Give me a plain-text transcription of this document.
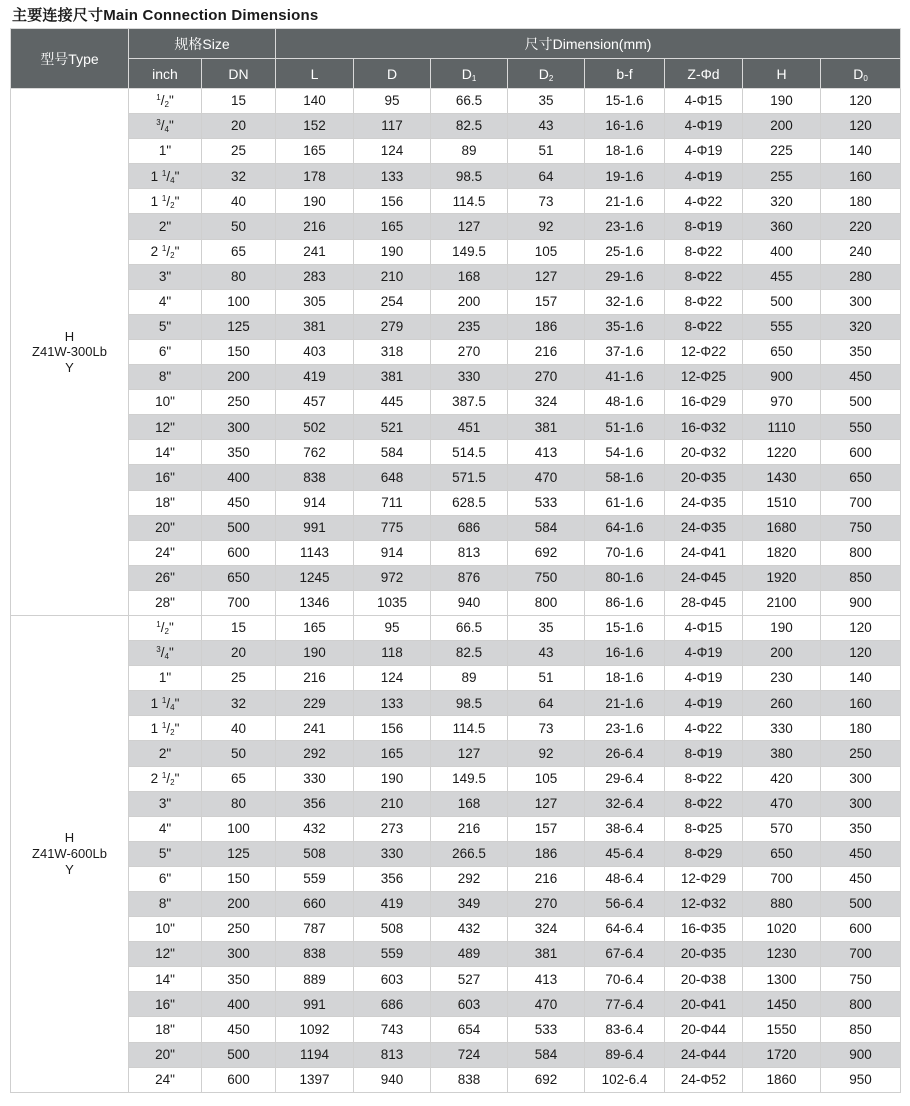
主要连接尺寸Main Connection Dimensions
型号Type	规格Size		尺寸Dimension(mm)							
	inch	DN	L	D	$D_1$	$D_2$	b-f	Z-Φd	H	$D_0$

H
Z41W-300Lb
Y	$^1/_2$"	15	140	95	66.5	35	15-1.6	4-Φ15	190	120
	$^3/_4$"	20	152	117	82.5	43	16-1.6	4-Φ19	200	120
	1"	25	165	124	89	51	18-1.6	4-Φ19	225	140
	1 $^1/_4$"	32	178	133	98.5	64	19-1.6	4-Φ19	255	160
	1 $^1/_2$"	40	190	156	114.5	73	21-1.6	4-Φ22	320	180
	2"	50	216	165	127	92	23-1.6	8-Φ19	360	220
	2 $^1/_2$"	65	241	190	149.5	105	25-1.6	8-Φ22	400	240
	3"	80	283	210	168	127	29-1.6	8-Φ22	455	280
	4"	100	305	254	200	157	32-1.6	8-Φ22	500	300
	5"	125	381	279	235	186	35-1.6	8-Φ22	555	320
	6"	150	403	318	270	216	37-1.6	12-Φ22	650	350
	8"	200	419	381	330	270	41-1.6	12-Φ25	900	450
	10"	250	457	445	387.5	324	48-1.6	16-Φ29	970	500
	12"	300	502	521	451	381	51-1.6	16-Φ32	1110	550
	14"	350	762	584	514.5	413	54-1.6	20-Φ32	1220	600
	16"	400	838	648	571.5	470	58-1.6	20-Φ35	1430	650
	18"	450	914	711	628.5	533	61-1.6	24-Φ35	1510	700
	20"	500	991	775	686	584	64-1.6	24-Φ35	1680	750
	24"	600	1143	914	813	692	70-1.6	24-Φ41	1820	800
	26"	650	1245	972	876	750	80-1.6	24-Φ45	1920	850
	28"	700	1346	1035	940	800	86-1.6	28-Φ45	2100	900

H
Z41W-600Lb
Y	$^1/_2$"	15	165	95	66.5	35	15-1.6	4-Φ15	190	120
	$^3/_4$"	20	190	118	82.5	43	16-1.6	4-Φ19	200	120
	1"	25	216	124	89	51	18-1.6	4-Φ19	230	140
	1 $^1/_4$"	32	229	133	98.5	64	21-1.6	4-Φ19	260	160
	1 $^1/_2$"	40	241	156	114.5	73	23-1.6	4-Φ22	330	180
	2"	50	292	165	127	92	26-6.4	8-Φ19	380	250
	2 $^1/_2$"	65	330	190	149.5	105	29-6.4	8-Φ22	420	300
	3"	80	356	210	168	127	32-6.4	8-Φ22	470	300
	4"	100	432	273	216	157	38-6.4	8-Φ25	570	350
	5"	125	508	330	266.5	186	45-6.4	8-Φ29	650	450
	6"	150	559	356	292	216	48-6.4	12-Φ29	700	450
	8"	200	660	419	349	270	56-6.4	12-Φ32	880	500
	10"	250	787	508	432	324	64-6.4	16-Φ35	1020	600
	12"	300	838	559	489	381	67-6.4	20-Φ35	1230	700
	14"	350	889	603	527	413	70-6.4	20-Φ38	1300	750
	16"	400	991	686	603	470	77-6.4	20-Φ41	1450	800
	18"	450	1092	743	654	533	83-6.4	20-Φ44	1550	850
	20"	500	1194	813	724	584	89-6.4	24-Φ44	1720	900
	24"	600	1397	940	838	692	102-6.4	24-Φ52	1860	950
